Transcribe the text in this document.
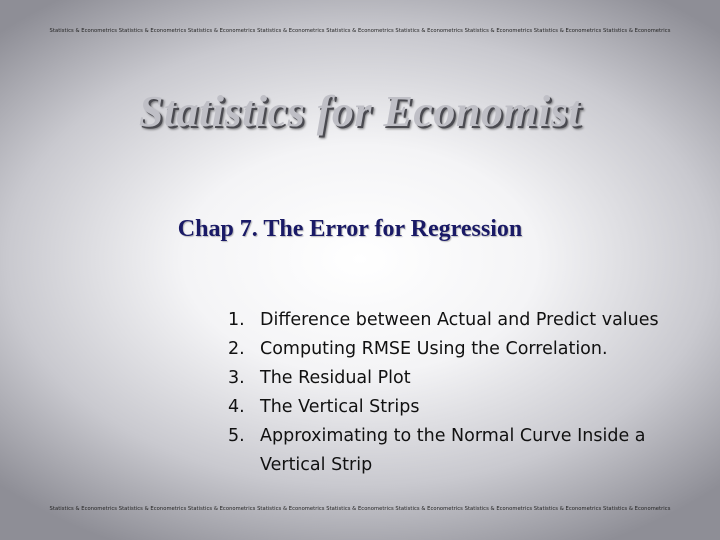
Statistics & Econometrics Statistics & Econometrics Statistics & Econometrics Statistics & Econometrics Statistics & Econometrics Statistics & Econometrics Statistics & Econometrics Statistics & Econometrics Statistics & Econometrics
Statistics for Economist
Chap 7. The Error for Regression
1. Difference between Actual and Predict values
2. Computing RMSE Using the Correlation.
3. The Residual Plot
4. The Vertical Strips
5. Approximating to the Normal Curve Inside a
Vertical Strip
Statistics & Econometrics Statistics & Econometrics Statistics & Econometrics Statistics & Econometrics Statistics & Econometrics Statistics & Econometrics Statistics & Econometrics Statistics & Econometrics Statistics & Econometrics
